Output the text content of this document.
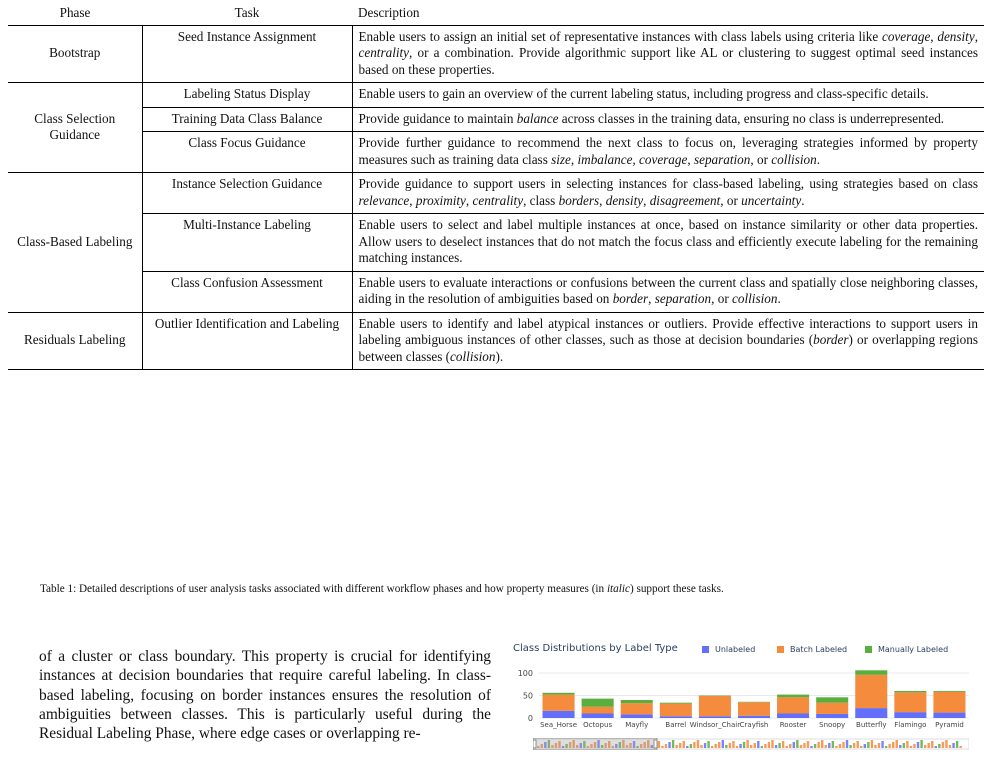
Phase	Task	Description
Bootstrap	Seed Instance Assignment	Enable users to assign an initial set of representative instances with class labels using criteria like coverage, density, centrality, or a combination. Provide algorithmic support like AL or clustering to suggest optimal seed instances based on these properties.
Class Selection Guidance	Labeling Status Display	Enable users to gain an overview of the current labeling status, including progress and class-specific details.
	Training Data Class Balance	Provide guidance to maintain balance across classes in the training data, ensuring no class is underrepresented.
	Class Focus Guidance	Provide further guidance to recommend the next class to focus on, leveraging strategies informed by property measures such as training data class size, imbalance, coverage, separation, or collision.
Class-Based Labeling	Instance Selection Guidance	Provide guidance to support users in selecting instances for class-based labeling, using strategies based on class relevance, proximity, centrality, class borders, density, disagreement, or uncertainty.
	Multi-Instance Labeling	Enable users to select and label multiple instances at once, based on instance similarity or other data properties. Allow users to deselect instances that do not match the focus class and efficiently execute labeling for the remaining matching instances.
	Class Confusion Assessment	Enable users to evaluate interactions or confusions between the current class and spatially close neighboring classes, aiding in the resolution of ambiguities based on border, separation, or collision.
Residuals Labeling	Outlier Identification and Labeling	Enable users to identify and label atypical instances or outliers. Provide effective interactions to support users in labeling ambiguous instances of other classes, such as those at decision boundaries (border) or overlapping regions between classes (collision).
Table 1: Detailed descriptions of user analysis tasks associated with different workflow phases and how property measures (in italic) support these tasks.

of a cluster or class boundary. This property is crucial for identifying instances at decision boundaries that require careful labeling. In class-based labeling, focusing on border instances ensures the resolution of ambiguities between classes. This is particularly useful during the Residual Labeling Phase, where edge cases or overlapping re-

Class Distributions by Label Type	Unlabeled	Batch Labeled	Manually Labeled
0
50
100
Sea_Horse Octopus Mayfly Barrel Windsor_Chair Crayfish Rooster Snoopy Butterfly Flamingo Pyramid
